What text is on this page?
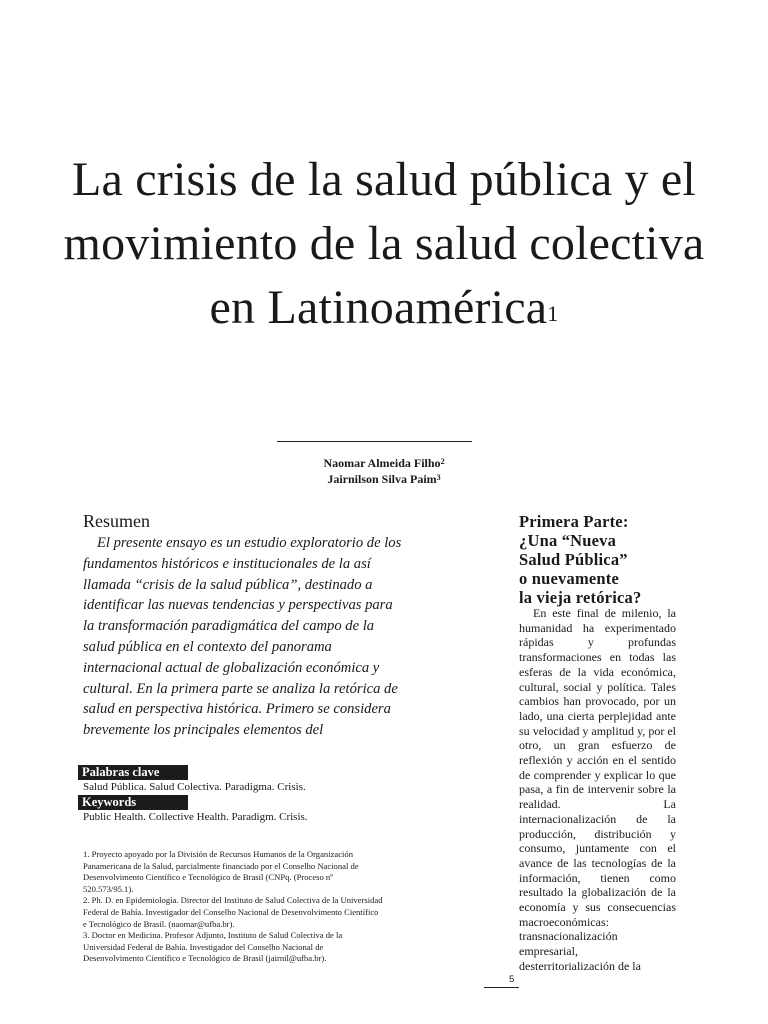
La crisis de la salud pública y el movimiento de la salud colectiva en Latinoamérica$^1$
Naomar Almeida Filho$^2$
Jairnilson Silva Paim$^3$
Resumen

El presente ensayo es un estudio exploratorio de los fundamentos históricos e institucionales de la así llamada “crisis de la salud pública”, destinado a identificar las nuevas tendencias y perspectivas para la transformación paradigmática del campo de la salud pública en el contexto del panorama internacional actual de globalización económica y cultural. En la primera parte se analiza la retórica de salud en perspectiva histórica. Primero se considera brevemente los principales elementos del

Palabras clave

Salud Pública. Salud Colectiva. Paradigma. Crisis.

Keywords

Public Health. Collective Health. Paradigm. Crisis.

1. Proyecto apoyado por la División de Recursos Humanos de la Organización Panamericana de la Salud, parcialmente financiado por el Conselho Nacional de Desenvolvimento Científico e Tecnológico de Brasil (CNPq. (Proceso nº 520.573/95.1).

2. Ph. D. en Epidemiología. Director del Instituto de Salud Colectiva de la Universidad Federal de Bahía. Investigador del Conselho Nacional de Desenvolvimento Científico e Tecnológico de Brasil. (naomar@ufba.br).

3. Doctor en Medicina. Profesor Adjunto, Instituto de Salud Colectiva de la Universidad Federal de Bahía. Investigador del Conselho Nacional de Desenvolvimento Científico e Tecnológico de Brasil (jairnil@ufba.br).

Primera Parte:
¿Una “Nueva
Salud Pública”
o nuevamente
la vieja retórica?

En este final de milenio, la humanidad ha experimentado rápidas y profundas transformaciones en todas las esferas de la vida económica, cultural, social y política. Tales cambios han provocado, por un lado, una cierta perplejidad ante su velocidad y amplitud y, por el otro, un gran esfuerzo de reflexión y acción en el sentido de comprender y explicar lo que pasa, a fin de intervenir sobre la realidad. La internacionalización de la producción, distribución y consumo, juntamente con el avance de las tecnologías de la información, tienen como resultado la globalización de la economía y sus consecuencias macroeconómicas: transnacionalización empresarial, desterritorialización de la

5
